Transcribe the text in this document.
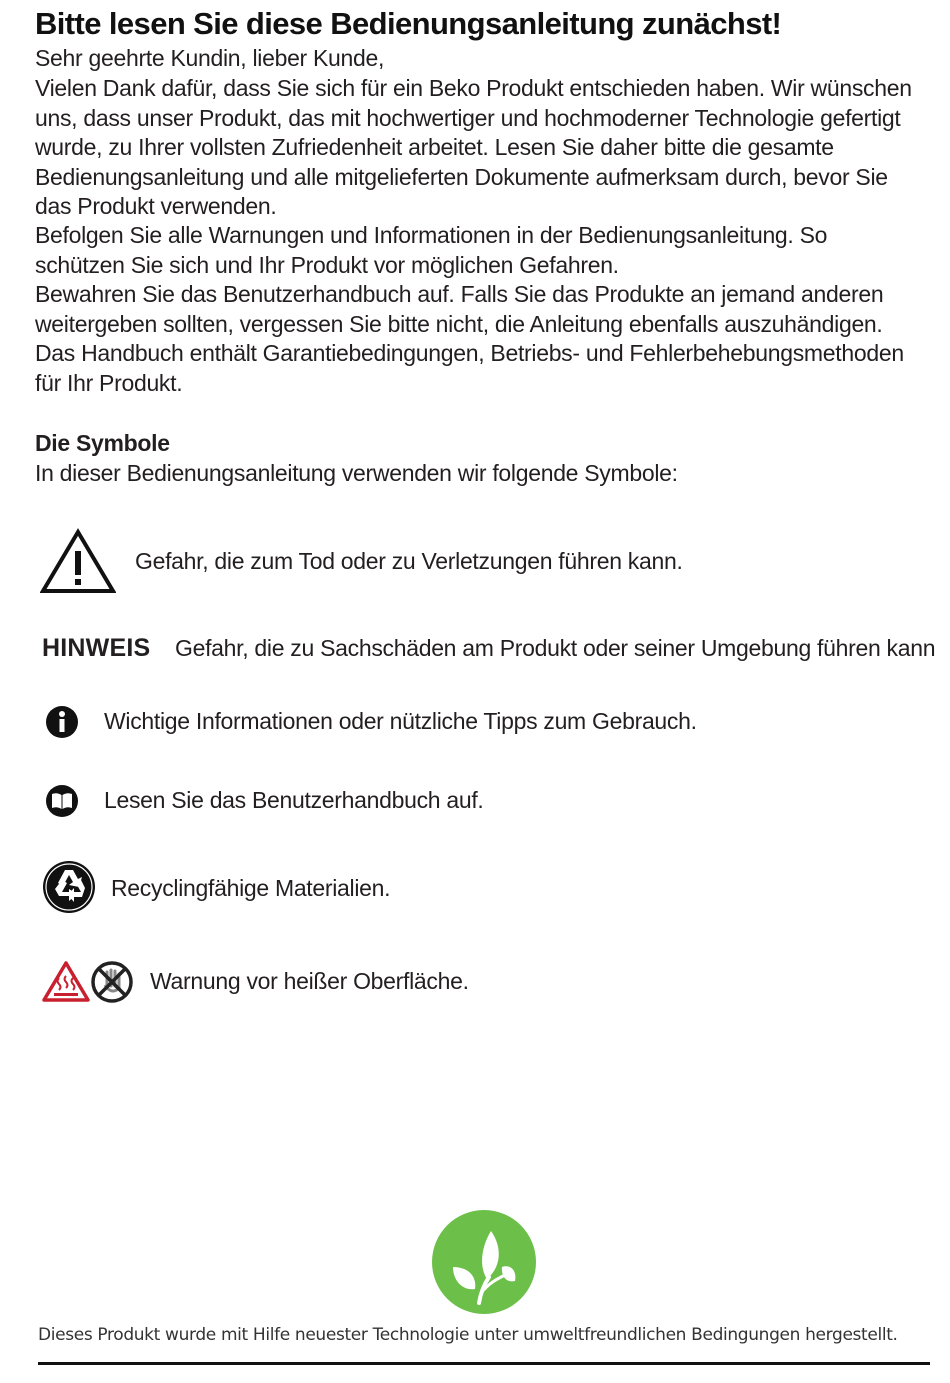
Bitte lesen Sie diese Bedienungsanleitung zunächst!

Sehr geehrte Kundin, lieber Kunde,

Vielen Dank dafür, dass Sie sich für ein Beko Produkt entschieden haben. Wir wünschen uns, dass unser Produkt, das mit hochwertiger und hochmoderner Technologie gefertigt wurde, zu Ihrer vollsten Zufriedenheit arbeitet. Lesen Sie daher bitte die gesamte Bedienungsanleitung und alle mitgelieferten Dokumente aufmerksam durch, bevor Sie das Produkt verwenden.

Befolgen Sie alle Warnungen und Informationen in der Bedienungsanleitung. So schützen Sie sich und Ihr Produkt vor möglichen Gefahren.

Bewahren Sie das Benutzerhandbuch auf. Falls Sie das Produkte an jemand anderen weitergeben sollten, vergessen Sie bitte nicht, die Anleitung ebenfalls auszuhändigen. Das Handbuch enthält Garantiebedingungen, Betriebs- und Fehlerbehebungsmethoden für Ihr Produkt.

Die Symbole

In dieser Bedienungsanleitung verwenden wir folgende Symbole:

Gefahr, die zum Tod oder zu Verletzungen führen kann.
HINWEIS Gefahr, die zu Sachschäden am Produkt oder seiner Umgebung führen kann
Wichtige Informationen oder nützliche Tipps zum Gebrauch.
Lesen Sie das Benutzerhandbuch auf.
Recyclingfähige Materialien.
Warnung vor heißer Oberfläche.

Dieses Produkt wurde mit Hilfe neuester Technologie unter umweltfreundlichen Bedingungen hergestellt.
